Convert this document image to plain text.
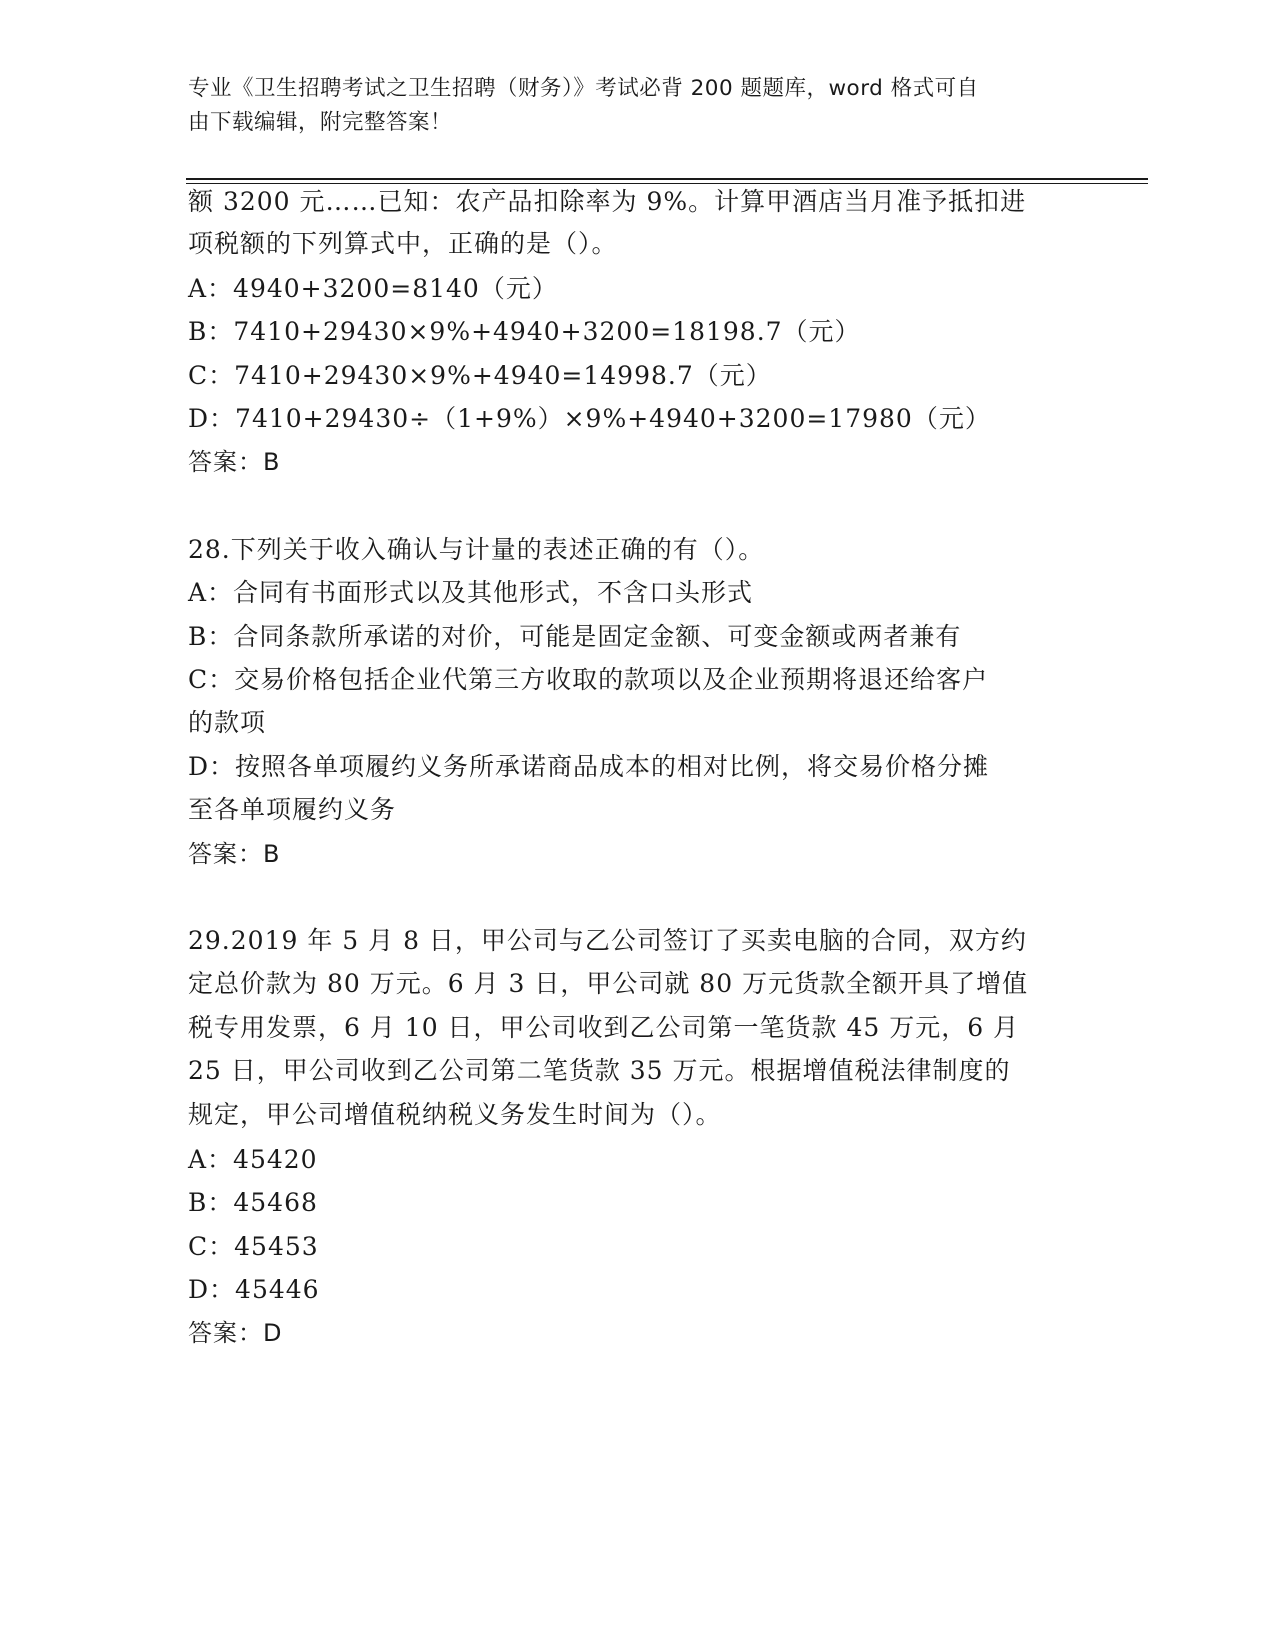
专业《卫生招聘考试之卫生招聘（财务）》考试必背 200 题题库，word 格式可自
由下载编辑，附完整答案！
额 3200 元……已知：农产品扣除率为 9%。计算甲酒店当月准予抵扣进
项税额的下列算式中，正确的是（）。
A：4940+3200=8140（元）
B：7410+29430×9%+4940+3200=18198.7（元）
C：7410+29430×9%+4940=14998.7（元）
D：7410+29430÷（1+9%）×9%+4940+3200=17980（元）
答案：B
28.下列关于收入确认与计量的表述正确的有（）。
A：合同有书面形式以及其他形式，不含口头形式
B：合同条款所承诺的对价，可能是固定金额、可变金额或两者兼有
C：交易价格包括企业代第三方收取的款项以及企业预期将退还给客户
的款项
D：按照各单项履约义务所承诺商品成本的相对比例，将交易价格分摊
至各单项履约义务
答案：B
29.2019 年 5 月 8 日，甲公司与乙公司签订了买卖电脑的合同，双方约
定总价款为 80 万元。6 月 3 日，甲公司就 80 万元货款全额开具了增值
税专用发票，6 月 10 日，甲公司收到乙公司第一笔货款 45 万元，6 月
25 日，甲公司收到乙公司第二笔货款 35 万元。根据增值税法律制度的
规定，甲公司增值税纳税义务发生时间为（）。
A：45420
B：45468
C：45453
D：45446
答案：D
